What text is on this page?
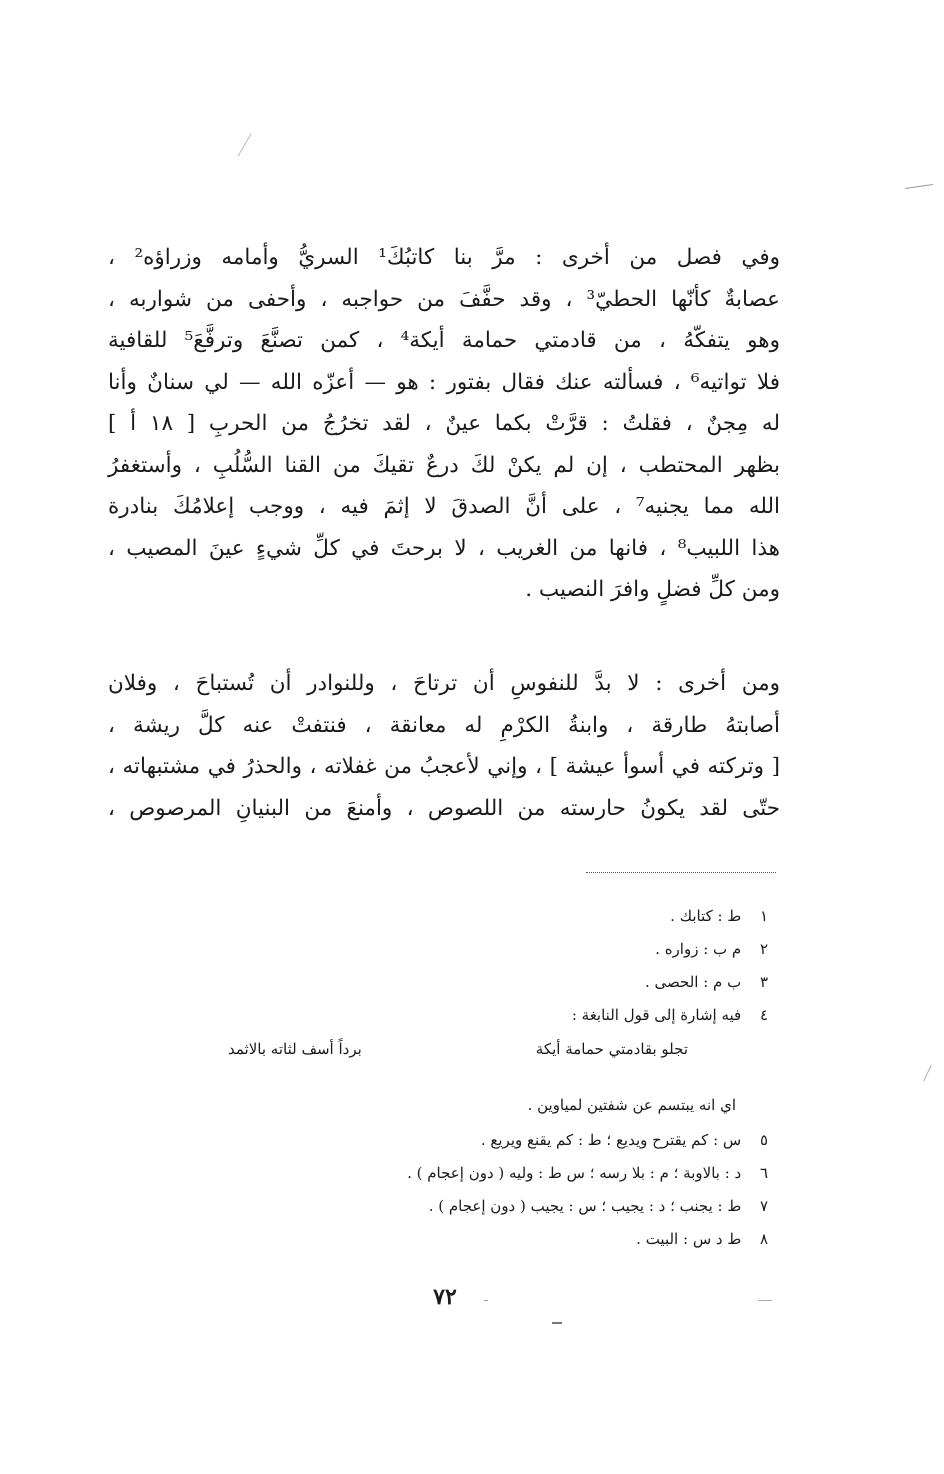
وفي فصل من أخرى : مرَّ بنا كاتبُكَ¹ السريُّ وأمامه وزراؤه² ،
عصابةٌ كأنّها الحطيّ³ ، وقد حفَّفَ من حواجبه ، وأحفى من شواربه ،
وهو يتفكّهُ ، من قادمتي حمامة أيكة⁴ ، كمن تصنَّعَ وترفَّعَ⁵ للقافية
فلا تواتيه⁶ ، فسألته عنك فقال بفتور : هو — أعزّه الله — لي سنانٌ وأنا
له مِجنٌ ، فقلتُ : قرَّتْ بكما عينٌ ، لقد تخرُجُ من الحربِ [ ١٨ أ ]
بظهر المحتطب ، إن لم يكنْ لكَ درعٌ تقيكَ من القنا السُّلُبِ ، وأستغفرُ
الله مما يجنيه⁷ ، على أنَّ الصدقَ لا إثمَ فيه ، ووجب إعلامُكَ بنادرة
هذا اللبيب⁸ ، فانها من الغريب ، لا برحتَ في كلِّ شيءٍ عينَ المصيب ،
ومن كلِّ فضلٍ وافرَ النصيب .
ومن أخرى : لا بدَّ للنفوسِ أن ترتاحَ ، وللنوادر أن تُستباحَ ، وفلان
أصابتهُ طارقة ، وابنةُ الكرْمِ له معانقة ، فنتفتْ عنه كلَّ ريشة ،
[ وتركته في أسوأ عيشة ] ، وإني لأعجبُ من غفلاته ، والحذرُ في مشتبهاته ،
حتّى لقد يكونُ حارسته من اللصوص ، وأمنعَ من البنيانِ المرصوص ،
١ ط : كتابك .
٢ م ب : زواره .
٣ ب م : الحصى .
٤ فيه إشارة إلى قول النابغة :
تجلو بقادمتي حمامة أيكة
برداً أسف لثاته بالاثمد
اي انه يبتسم عن شفتين لمياوين .
٥ س : كم يقترح ويديع ؛ ط : كم يقنع ويريع .
٦ د : بالاوبة ؛ م : بلا رسه ؛ س ط : وليه ( دون إعجام ) .
٧ ط : يجنب ؛ د : يجيب ؛ س : يجيب ( دون إعجام ) .
٨ ط د س : البيت .
٧٢
